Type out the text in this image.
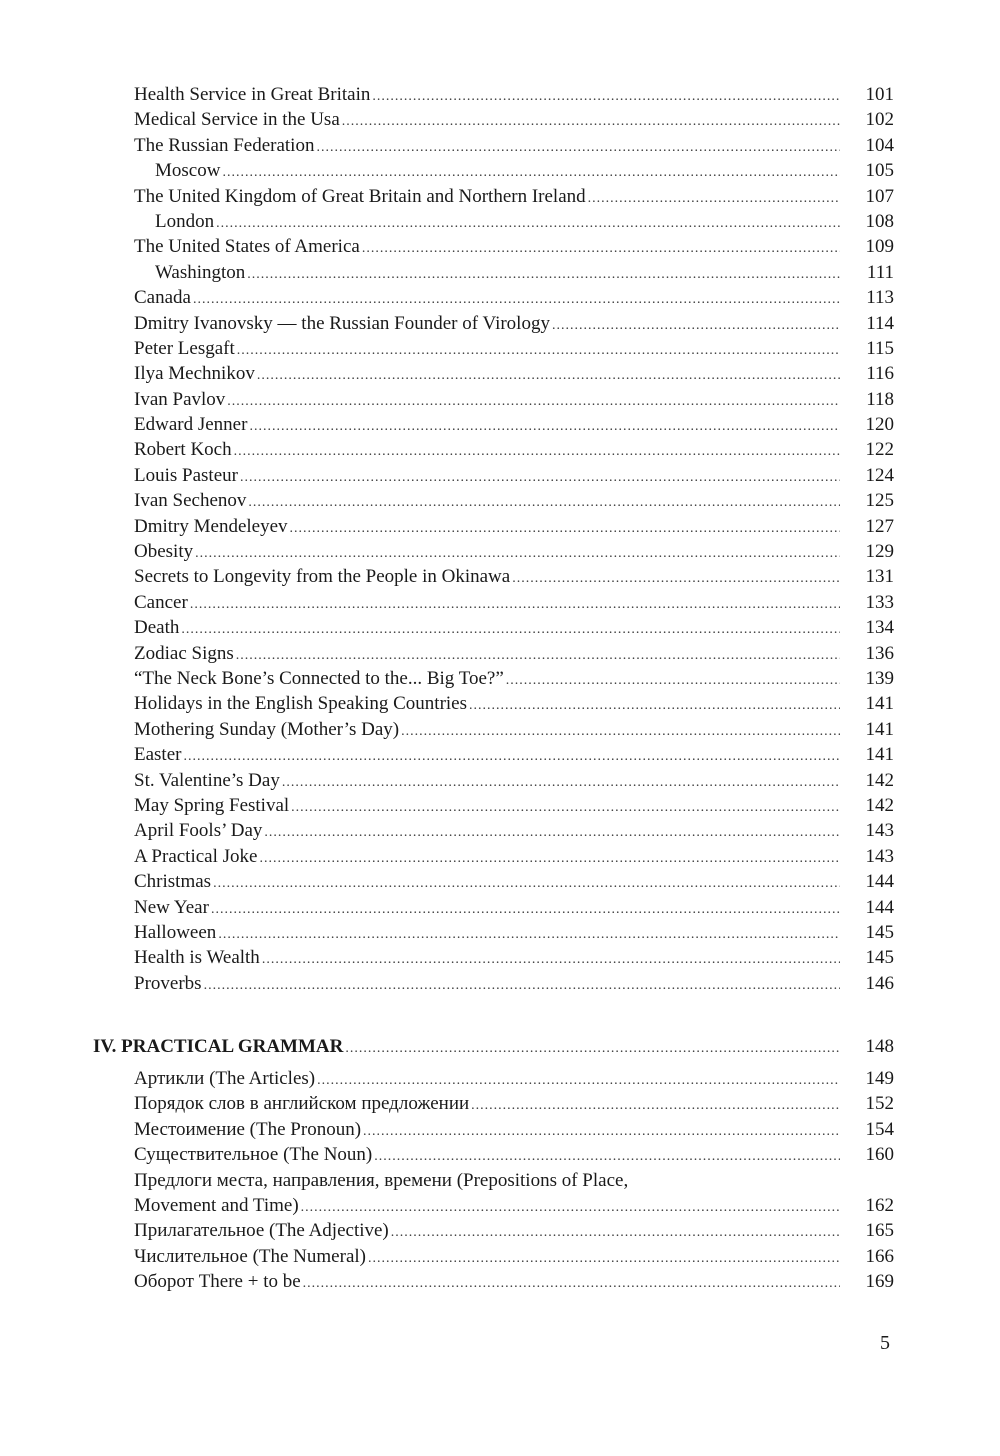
Health Service in Great Britain .....	101
Medical Service in the Usa .....	102
The Russian Federation .....	104
Moscow .....	105
The United Kingdom of Great Britain and Northern Ireland .....	107
London .....	108
The United States of America .....	109
Washington .....	111
Canada .....	113
Dmitry Ivanovsky — the Russian Founder of Virology .....	114
Peter Lesgaft .....	115
Ilya Mechnikov .....	116
Ivan Pavlov .....	118
Edward Jenner .....	120
Robert Koch .....	122
Louis Pasteur .....	124
Ivan Sechenov .....	125
Dmitry Mendeleyev .....	127
Obesity .....	129
Secrets to Longevity from the People in Okinawa .....	131
Cancer .....	133
Death .....	134
Zodiac Signs .....	136
“The Neck Bone’s Connected to the... Big Toe?” .....	139
Holidays in the English Speaking Countries .....	141
Mothering Sunday (Mother’s Day) .....	141
Easter .....	141
St. Valentine’s Day .....	142
May Spring Festival .....	142
April Fools’ Day .....	143
A Practical Joke .....	143
Christmas .....	144
New Year .....	144
Halloween .....	145
Health is Wealth .....	145
Proverbs .....	146
IV. PRACTICAL GRAMMAR .....	148
Артикли (The Articles) .....	149
Порядок слов в английском предложении .....	152
Местоимение (The Pronoun) .....	154
Существительное (The Noun) .....	160
Предлоги места, направления, времени (Prepositions of Place,
Movement and Time) .....	162
Прилагательное (The Adjective) .....	165
Числительное (The Numeral) .....	166
Оборот There + to be .....	169
5
